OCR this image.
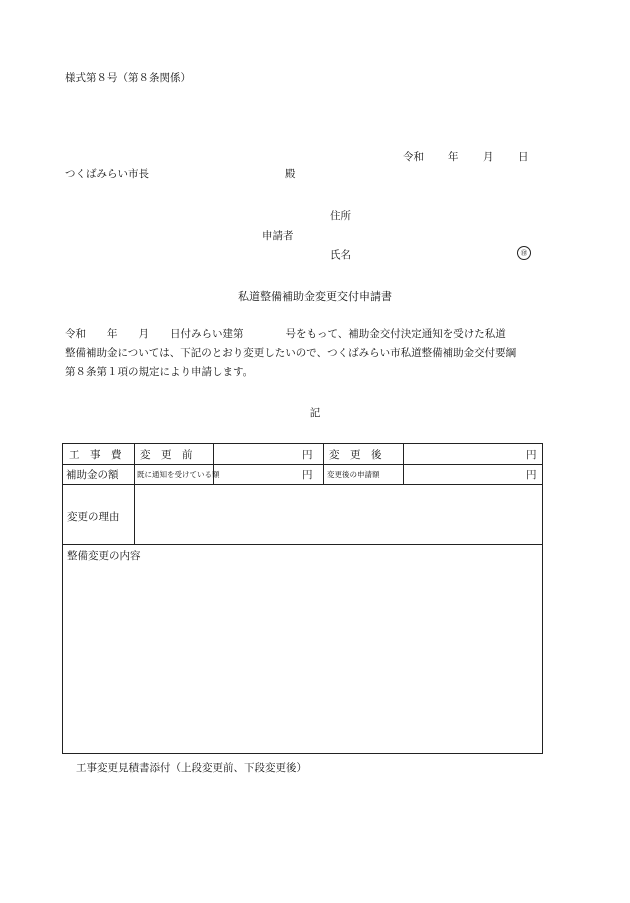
様式第８号（第８条関係）
令和 年 月 日
つくばみらい市長	殿
住所
申請者
氏名	㊞
私道整備補助金変更交付申請書
令和　　年　　月　　日付みらい建第　　　　号をもって、補助金交付決定通知を受けた私道
整備補助金については、下記のとおり変更したいので、つくばみらい市私道整備補助金交付要綱
第８条第１項の規定により申請します。
記
工　事　費 変　更　前	円 変　更　後	円
補助金の額 既に通知を受けている額	円 変更後の申請額	円
変更の理由
整備変更の内容
工事変更見積書添付（上段変更前、下段変更後）
